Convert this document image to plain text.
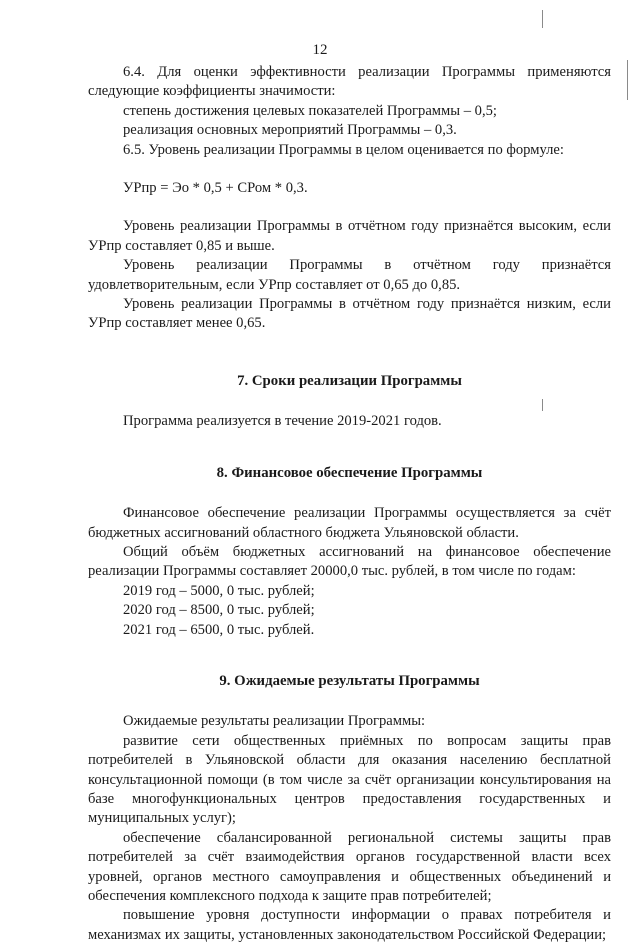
12

6.4. Для оценки эффективности реализации Программы применяются следующие коэффициенты значимости:

степень достижения целевых показателей Программы – 0,5;

реализация основных мероприятий Программы – 0,3.

6.5. Уровень реализации Программы в целом оценивается по формуле:

УРпр = Эо * 0,5 + СРом * 0,3.

Уровень реализации Программы в отчётном году признаётся высоким, если УРпр составляет 0,85 и выше.

Уровень реализации Программы в отчётном году признаётся удовлетворительным, если УРпр составляет от 0,65 до 0,85.

Уровень реализации Программы в отчётном году признаётся низким, если УРпр составляет менее 0,65.

7. Сроки реализации Программы

Программа реализуется в течение 2019-2021 годов.

8. Финансовое обеспечение Программы

Финансовое обеспечение реализации Программы осуществляется за счёт бюджетных ассигнований областного бюджета Ульяновской области.

Общий объём бюджетных ассигнований на финансовое обеспечение реализации Программы составляет 20000,0 тыс. рублей, в том числе по годам:

2019 год – 5000, 0 тыс. рублей;

2020 год – 8500, 0 тыс. рублей;

2021 год – 6500, 0 тыс. рублей.

9. Ожидаемые результаты Программы

Ожидаемые результаты реализации Программы:

развитие сети общественных приёмных по вопросам защиты прав потребителей в Ульяновской области для оказания населению бесплатной консультационной помощи (в том числе за счёт организации консультирования на базе многофункциональных центров предоставления государственных и муниципальных услуг);

обеспечение сбалансированной региональной системы защиты прав потребителей за счёт взаимодействия органов государственной власти всех уровней, органов местного самоуправления и общественных объединений и обеспечения комплексного подхода к защите прав потребителей;

повышение уровня доступности информации о правах потребителя и механизмах их защиты, установленных законодательством Российской Федерации;
